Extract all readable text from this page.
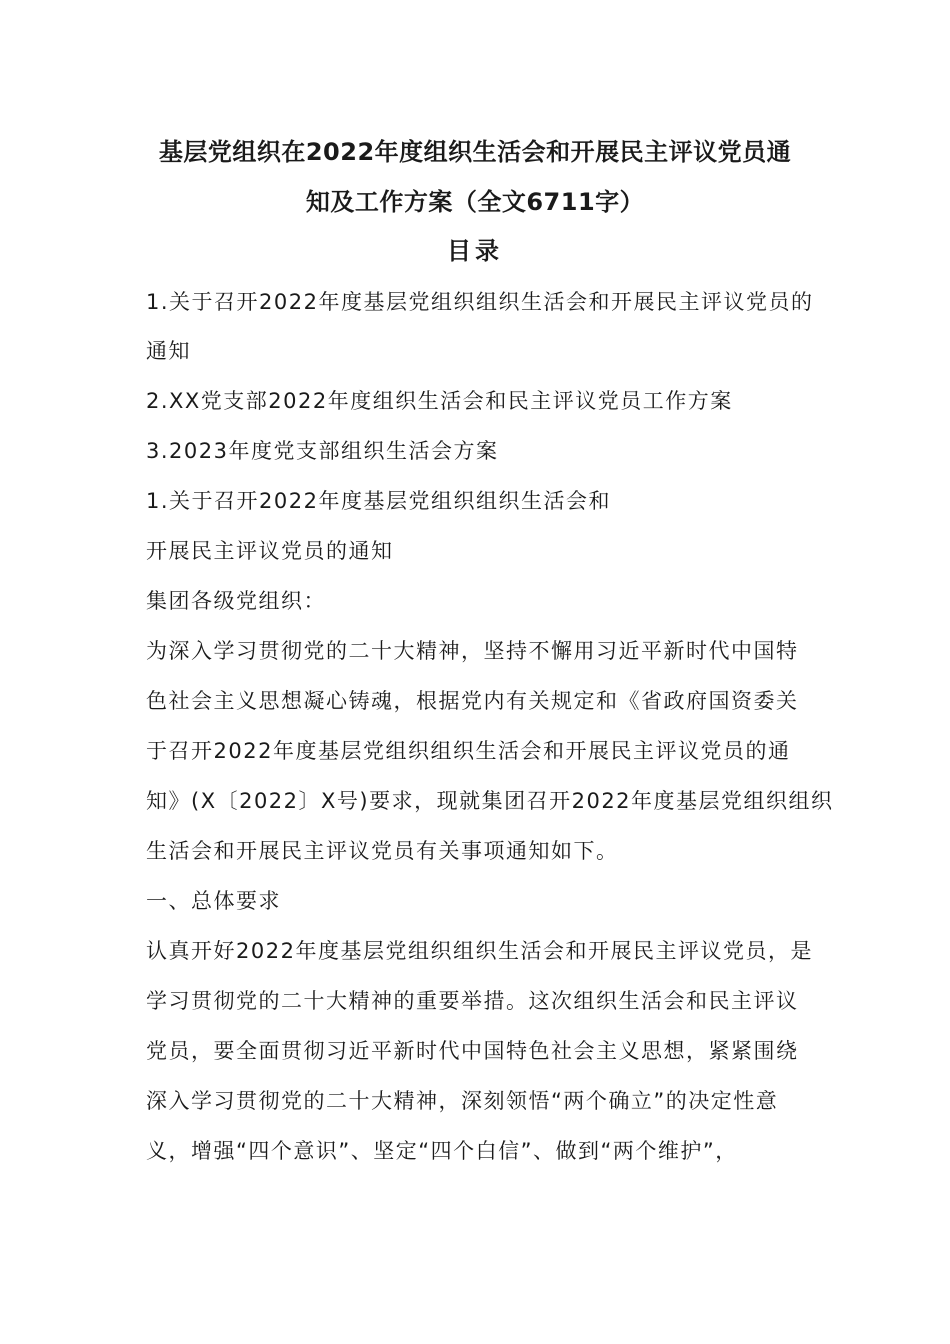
基层党组织在2022年度组织生活会和开展民主评议党员通
知及工作方案（全文6711字）
目录
1.关于召开2022年度基层党组织组织生活会和开展民主评议党员的
通知
2.XX党支部2022年度组织生活会和民主评议党员工作方案
3.2023年度党支部组织生活会方案
1.关于召开2022年度基层党组织组织生活会和
开展民主评议党员的通知
集团各级党组织：
为深入学习贯彻党的二十大精神，坚持不懈用习近平新时代中国特
色社会主义思想凝心铸魂，根据党内有关规定和《省政府国资委关
于召开2022年度基层党组织组织生活会和开展民主评议党员的通
知》(X〔2022〕X号)要求，现就集团召开2022年度基层党组织组织
生活会和开展民主评议党员有关事项通知如下。
一、总体要求
认真开好2022年度基层党组织组织生活会和开展民主评议党员，是
学习贯彻党的二十大精神的重要举措。这次组织生活会和民主评议
党员，要全面贯彻习近平新时代中国特色社会主义思想，紧紧围绕
深入学习贯彻党的二十大精神，深刻领悟“两个确立”的决定性意
义，增强“四个意识”、坚定“四个白信”、做到“两个维护”，
